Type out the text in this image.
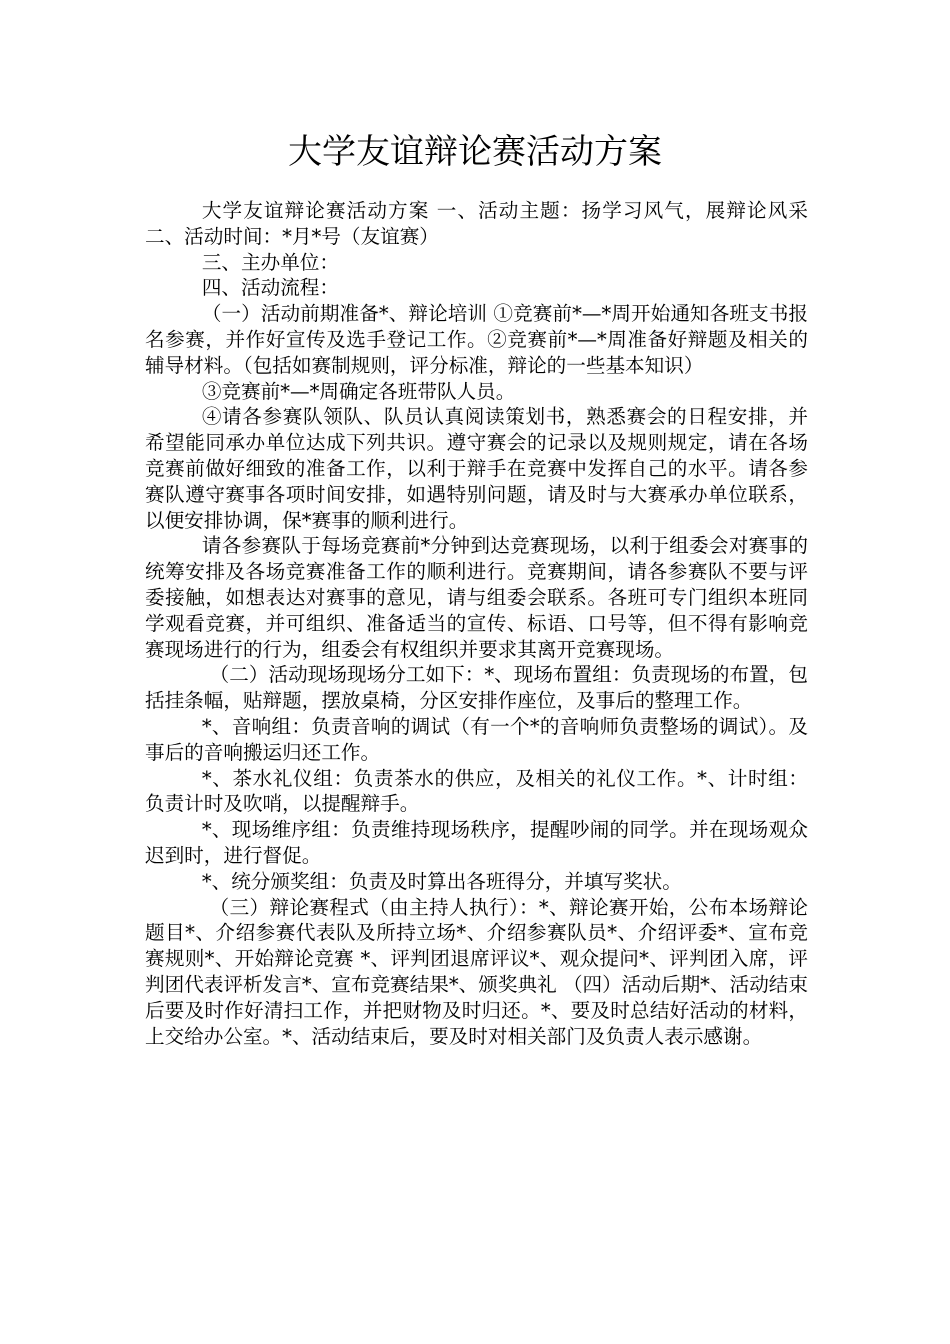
大学友谊辩论赛活动方案

大学友谊辩论赛活动方案 一、活动主题：扬学习风气，展辩论风采 二、活动时间：*月*号（友谊赛）

三、主办单位：

四、活动流程：

（一）活动前期准备*、辩论培训 ①竞赛前*—*周开始通知各班支书报名参赛，并作好宣传及选手登记工作。②竞赛前*—*周准备好辩题及相关的辅导材料。（包括如赛制规则，评分标准，辩论的一些基本知识）

③竞赛前*—*周确定各班带队人员。

④请各参赛队领队、队员认真阅读策划书，熟悉赛会的日程安排，并希望能同承办单位达成下列共识。遵守赛会的记录以及规则规定，请在各场竞赛前做好细致的准备工作，以利于辩手在竞赛中发挥自己的水平。请各参赛队遵守赛事各项时间安排，如遇特别问题，请及时与大赛承办单位联系，以便安排协调，保*赛事的顺利进行。

请各参赛队于每场竞赛前*分钟到达竞赛现场，以利于组委会对赛事的统筹安排及各场竞赛准备工作的顺利进行。竞赛期间，请各参赛队不要与评委接触，如想表达对赛事的意见，请与组委会联系。各班可专门组织本班同学观看竞赛，并可组织、准备适当的宣传、标语、口号等，但不得有影响竞赛现场进行的行为，组委会有权组织并要求其离开竞赛现场。

（二）活动现场现场分工如下：*、现场布置组：负责现场的布置，包括挂条幅，贴辩题，摆放桌椅，分区安排作座位，及事后的整理工作。

*、音响组：负责音响的调试（有一个*的音响师负责整场的调试）。及事后的音响搬运归还工作。

*、茶水礼仪组：负责茶水的供应，及相关的礼仪工作。*、计时组：负责计时及吹哨，以提醒辩手。

*、现场维序组：负责维持现场秩序，提醒吵闹的同学。并在现场观众迟到时，进行督促。

*、统分颁奖组：负责及时算出各班得分，并填写奖状。

（三）辩论赛程式（由主持人执行）：*、辩论赛开始，公布本场辩论题目*、介绍参赛代表队及所持立场*、介绍参赛队员*、介绍评委*、宣布竞赛规则*、开始辩论竞赛 *、评判团退席评议*、观众提问*、评判团入席，评判团代表评析发言*、宣布竞赛结果*、颁奖典礼 （四）活动后期*、活动结束后要及时作好清扫工作，并把财物及时归还。*、要及时总结好活动的材料，上交给办公室。*、活动结束后，要及时对相关部门及负责人表示感谢。
